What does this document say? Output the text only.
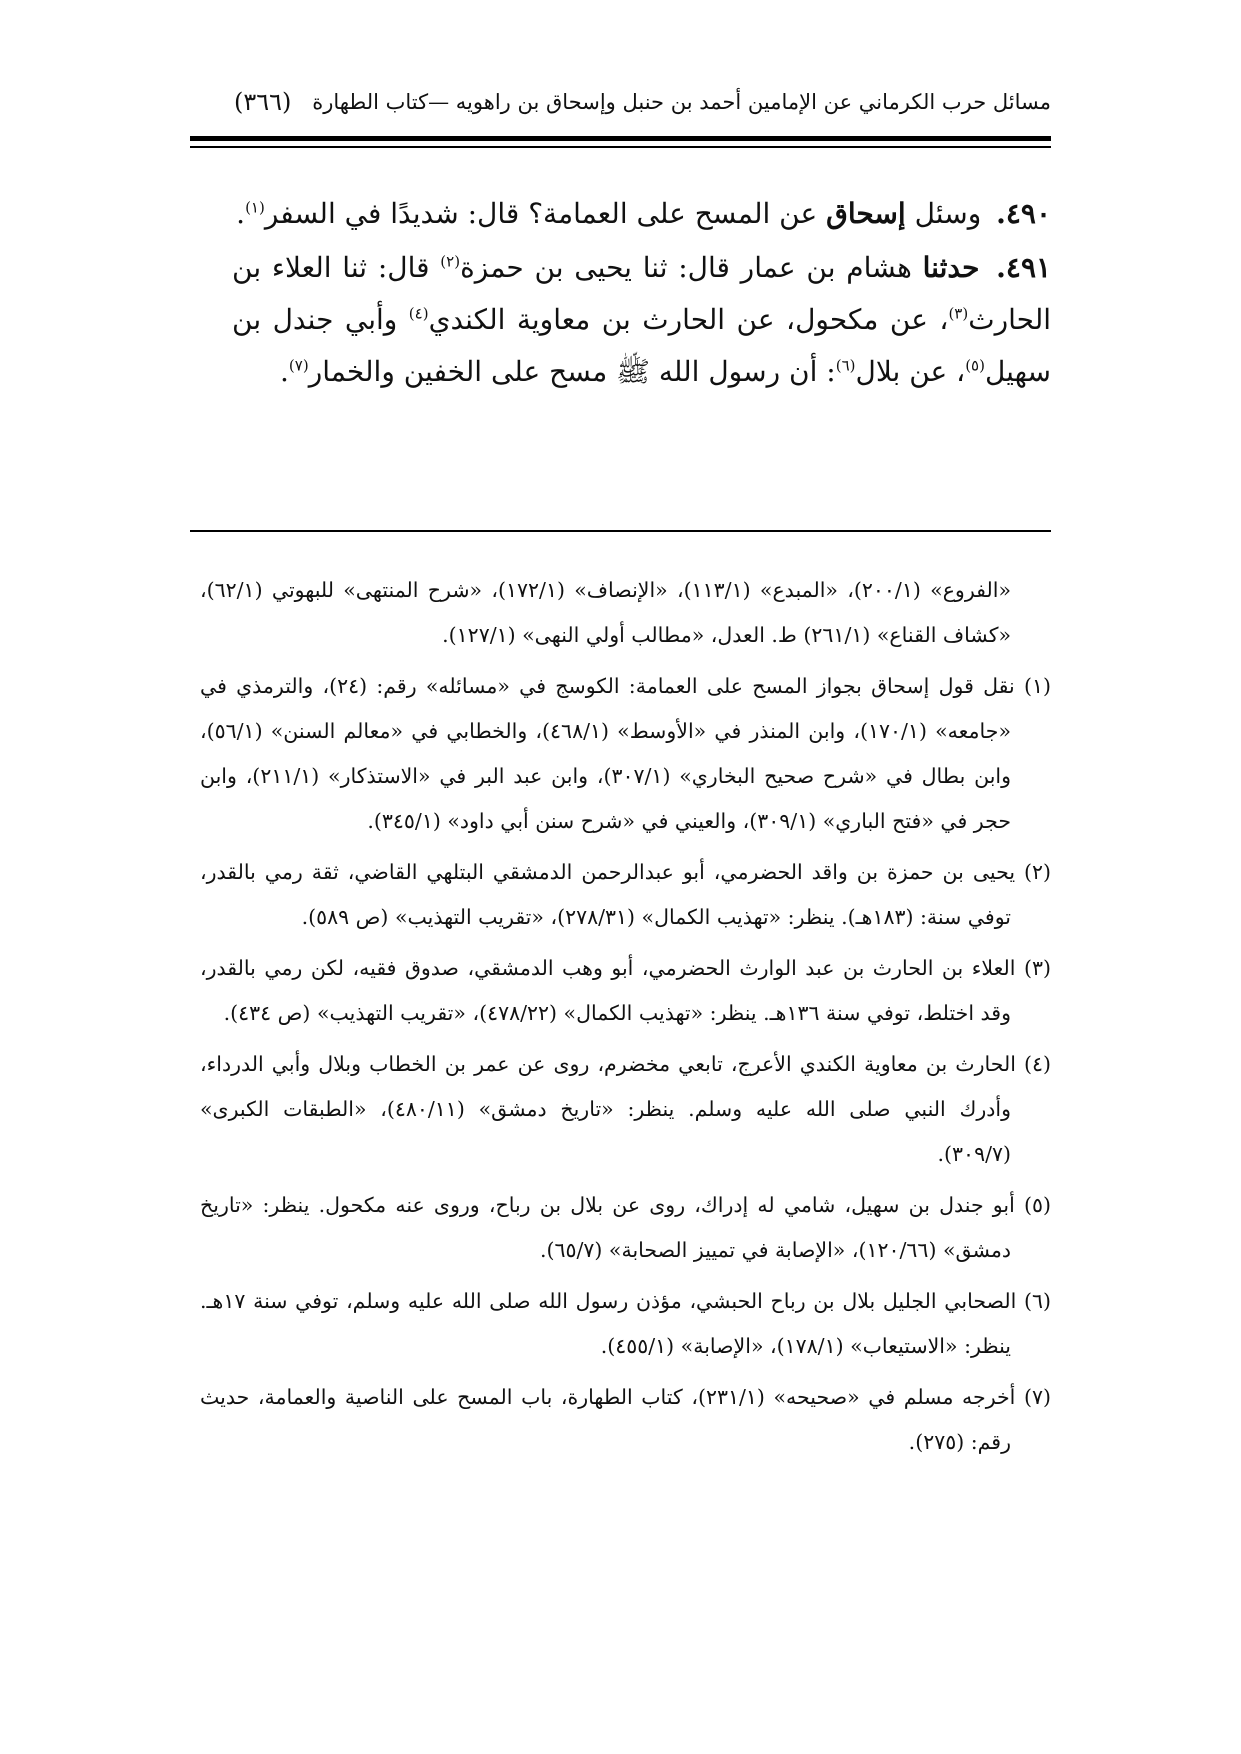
مسائل حرب الكرماني عن الإمامين أحمد بن حنبل وإسحاق بن راهويه —كتاب الطهارة
(٣٦٦)

٤٩٠. وسئل إسحاق عن المسح على العمامة؟ قال: شديدًا في السفر$^{(١)}$.

٤٩١. حدثنا هشام بن عمار قال: ثنا يحيى بن حمزة$^{(٢)}$ قال: ثنا العلاء بن الحارث$^{(٣)}$، عن مكحول، عن الحارث بن معاوية الكندي$^{(٤)}$ وأبي جندل بن سهيل$^{(٥)}$، عن بلال$^{(٦)}$: أن رسول الله ﷺ مسح على الخفين والخمار$^{(٧)}$.

«الفروع» (٢٠٠/١)، «المبدع» (١١٣/١)، «الإنصاف» (١٧٢/١)، «شرح المنتهى» للبهوتي (٦٢/١)، «كشاف القناع» (٢٦١/١) ط. العدل، «مطالب أولي النهى» (١٢٧/١).

(١) نقل قول إسحاق بجواز المسح على العمامة: الكوسج في «مسائله» رقم: (٢٤)، والترمذي في «جامعه» (١٧٠/١)، وابن المنذر في «الأوسط» (٤٦٨/١)، والخطابي في «معالم السنن» (٥٦/١)، وابن بطال في «شرح صحيح البخاري» (٣٠٧/١)، وابن عبد البر في «الاستذكار» (٢١١/١)، وابن حجر في «فتح الباري» (٣٠٩/١)، والعيني في «شرح سنن أبي داود» (٣٤٥/١).

(٢) يحيى بن حمزة بن واقد الحضرمي، أبو عبدالرحمن الدمشقي البتلهي القاضي، ثقة رمي بالقدر، توفي سنة: (١٨٣هـ). ينظر: «تهذيب الكمال» (٢٧٨/٣١)، «تقريب التهذيب» (ص ٥٨٩).

(٣) العلاء بن الحارث بن عبد الوارث الحضرمي، أبو وهب الدمشقي، صدوق فقيه، لكن رمي بالقدر، وقد اختلط، توفي سنة ١٣٦هـ. ينظر: «تهذيب الكمال» (٤٧٨/٢٢)، «تقريب التهذيب» (ص ٤٣٤).

(٤) الحارث بن معاوية الكندي الأعرج، تابعي مخضرم، روى عن عمر بن الخطاب وبلال وأبي الدرداء، وأدرك النبي صلى الله عليه وسلم. ينظر: «تاريخ دمشق» (٤٨٠/١١)، «الطبقات الكبرى» (٣٠٩/٧).

(٥) أبو جندل بن سهيل، شامي له إدراك، روى عن بلال بن رباح، وروى عنه مكحول. ينظر: «تاريخ دمشق» (١٢٠/٦٦)، «الإصابة في تمييز الصحابة» (٦٥/٧).

(٦) الصحابي الجليل بلال بن رباح الحبشي، مؤذن رسول الله صلى الله عليه وسلم، توفي سنة ١٧هـ. ينظر: «الاستيعاب» (١٧٨/١)، «الإصابة» (٤٥٥/١).

(٧) أخرجه مسلم في «صحيحه» (٢٣١/١)، كتاب الطهارة، باب المسح على الناصية والعمامة، حديث رقم: (٢٧٥).
